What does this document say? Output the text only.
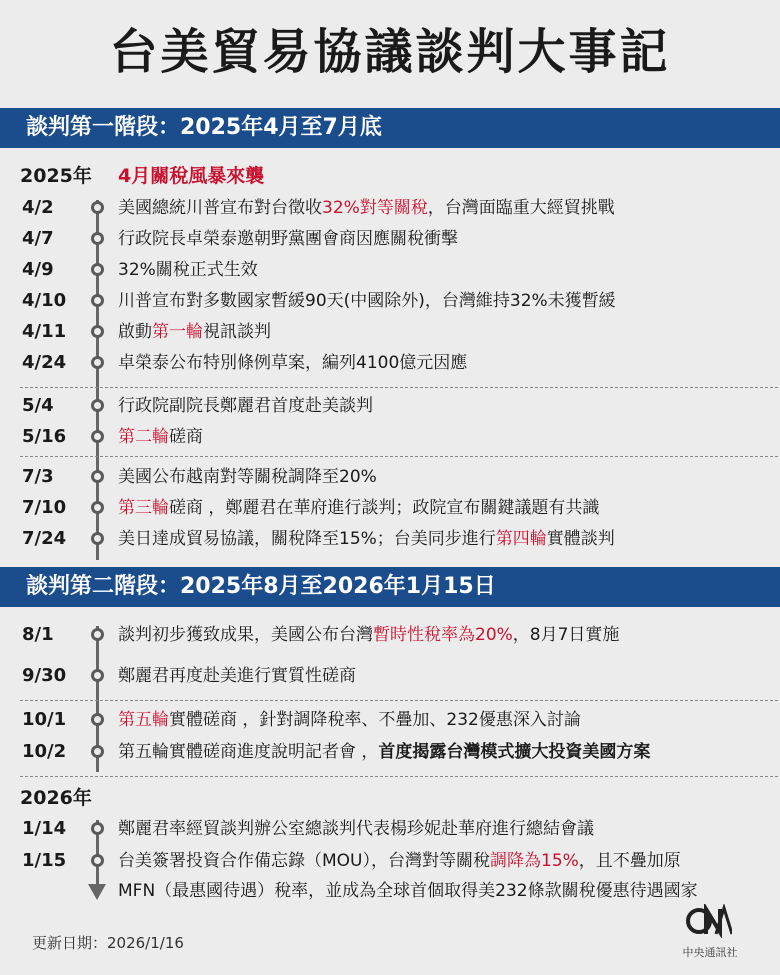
台美貿易協議談判大事記
談判第一階段：2025年4月至7月底
2025年 4月關稅風暴來襲
4/2	美國總統川普宣布對台徵收32%對等關稅，台灣面臨重大經貿挑戰
4/7	行政院長卓榮泰邀朝野黨團會商因應關稅衝擊
4/9	32%關稅正式生效
4/10	川普宣布對多數國家暫緩90天(中國除外)，台灣維持32%未獲暫緩
4/11	啟動第一輪視訊談判
4/24	卓榮泰公布特別條例草案，編列4100億元因應
5/4	行政院副院長鄭麗君首度赴美談判
5/16	第二輪磋商
7/3	美國公布越南對等關稅調降至20%
7/10	第三輪磋商 ，鄭麗君在華府進行談判；政院宣布關鍵議題有共識
7/24	美日達成貿易協議，關稅降至15%；台美同步進行第四輪實體談判
8/1	談判初步獲致成果，美國公布台灣暫時性稅率為20%，8月7日實施
9/30	鄭麗君再度赴美進行實質性磋商
10/1	第五輪實體磋商 ，針對調降稅率、不疊加、232優惠深入討論
10/2	第五輪實體磋商進度說明記者會 ，首度揭露台灣模式擴大投資美國方案
1/14	鄭麗君率經貿談判辦公室總談判代表楊珍妮赴華府進行總結會議
1/15	台美簽署投資合作備忘錄（MOU），台灣對等關稅調降為15%，且不疊加原
MFN（最惠國待遇）稅率，並成為全球首個取得美232條款關稅優惠待遇國家
談判第二階段：2025年8月至2026年1月15日
2026年
更新日期：2026/1/16
中央通訊社
